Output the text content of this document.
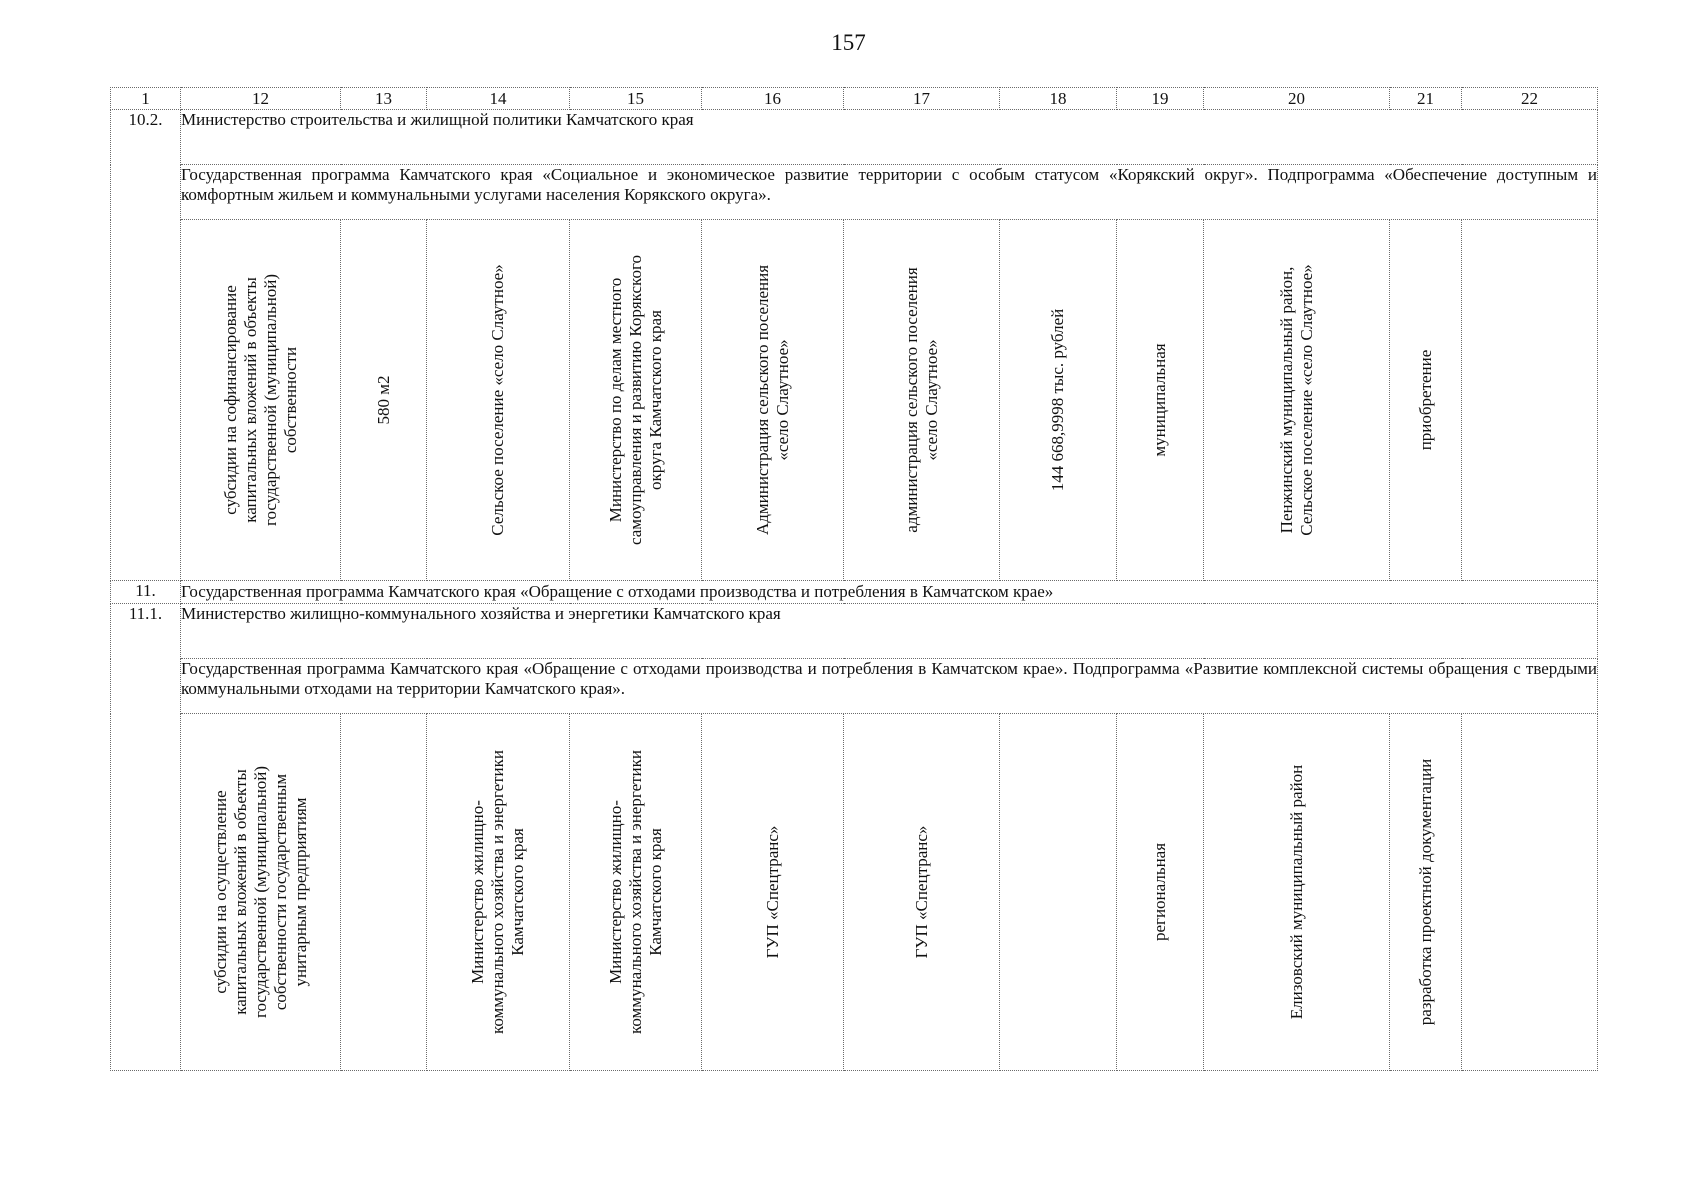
157
1	12	13	14	15	16	17	18	19	20	21	22
10.2.	Министерство строительства и жилищной политики Камчатского края										
	Государственная программа Камчатского края «Социальное и экономическое развитие территории с особым статусом «Корякский округ». Подпрограмма «Обеспечение доступным и комфортным жильем и коммунальными услугами населения Корякского округа».										

	субсидии на софинансирование капитальных вложений в объекты государственной (муниципальной) собственности	580 м2	Сельское поселение «село Слаутное»	Министерство по делам местного самоуправления и развитию Корякского округа Камчатского края	Администрация сельского поселения «село Слаутное»	администрация сельского поселения «село Слаутное»	144 668,9998 тыс. рублей	муниципальная	Пенжинский муниципальный район, Сельское поселение «село Слаутное»	приобретение	

11.	Государственная программа Камчатского края «Обращение с отходами производства и потребления в Камчатском крае»										
11.1.	Министерство жилищно-коммунального хозяйства и энергетики Камчатского края										
	Государственная программа Камчатского края «Обращение с отходами производства и потребления в Камчатском крае». Подпрограмма «Развитие комплексной системы обращения с твердыми коммунальными отходами на территории Камчатского края».										

	субсидии на осуществление капитальных вложений в объекты государственной (муниципальной) собственности государственным унитарным предприятиям		Министерство жилищно- коммунального хозяйства и энергетики Камчатского края	Министерство жилищно- коммунального хозяйства и энергетики Камчатского края	ГУП «Спецтранс»	ГУП «Спецтранс»		региональная	Елизовский муниципальный район	разработка проектной документации	
